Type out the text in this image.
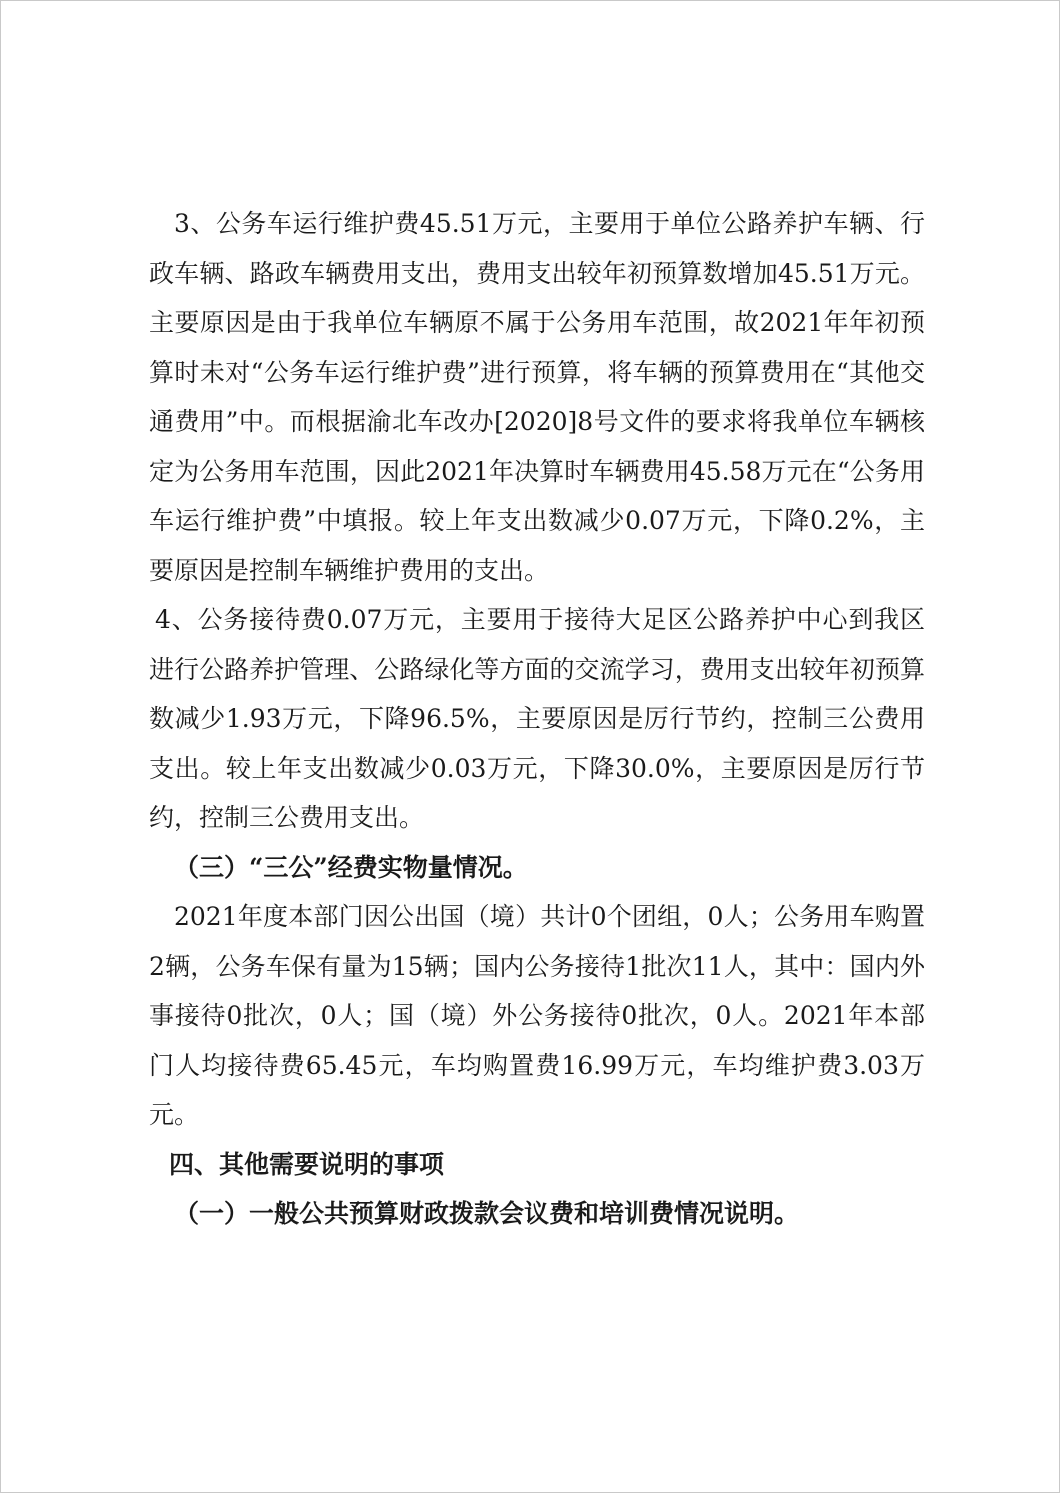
3、公务车运行维护费45.51万元，主要用于单位公路养护车辆、行政车辆、路政车辆费用支出，费用支出较年初预算数增加45.51万元。主要原因是由于我单位车辆原不属于公务用车范围，故2021年年初预算时未对“公务车运行维护费”进行预算，将车辆的预算费用在“其他交通费用”中。而根据渝北车改办[2020]8号文件的要求将我单位车辆核定为公务用车范围，因此2021年决算时车辆费用45.58万元在“公务用车运行维护费”中填报。较上年支出数减少0.07万元，下降0.2%，主要原因是控制车辆维护费用的支出。

4、公务接待费0.07万元，主要用于接待大足区公路养护中心到我区进行公路养护管理、公路绿化等方面的交流学习，费用支出较年初预算数减少1.93万元，下降96.5%，主要原因是厉行节约，控制三公费用支出。较上年支出数减少0.03万元，下降30.0%，主要原因是厉行节约，控制三公费用支出。

（三）“三公”经费实物量情况。

2021年度本部门因公出国（境）共计0个团组，0人；公务用车购置2辆，公务车保有量为15辆；国内公务接待1批次11人，其中：国内外事接待0批次，0人；国（境）外公务接待0批次，0人。2021年本部门人均接待费65.45元，车均购置费16.99万元，车均维护费3.03万元。

四、其他需要说明的事项

（一）一般公共预算财政拨款会议费和培训费情况说明。
